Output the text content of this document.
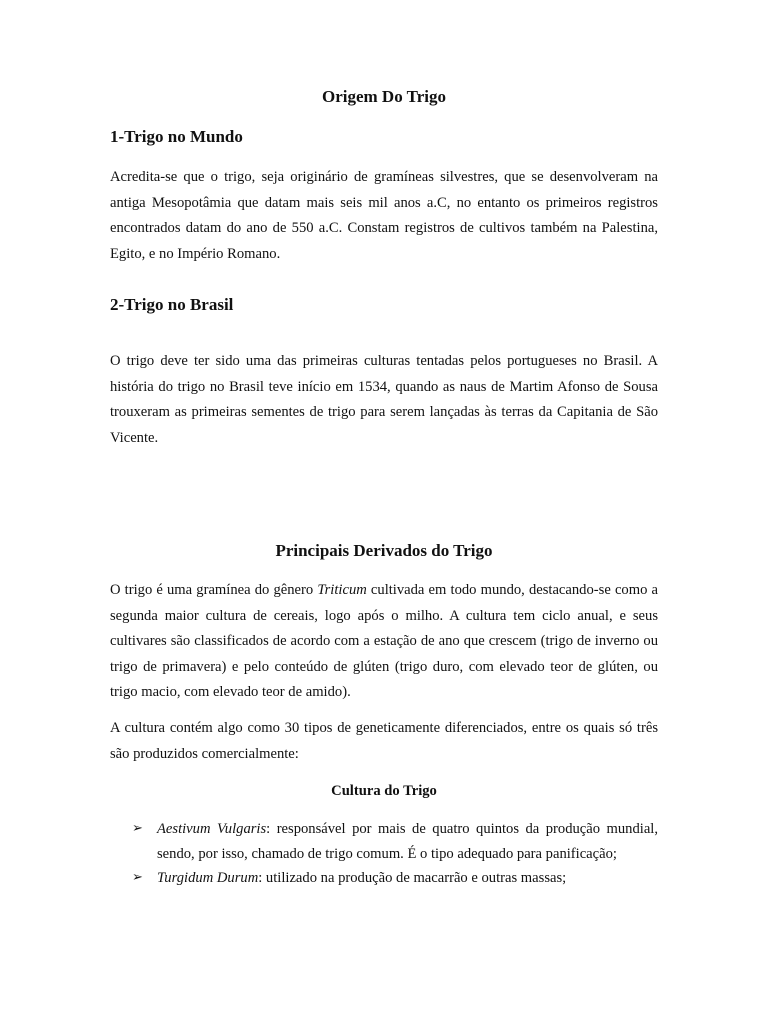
Origem Do Trigo
1-Trigo no Mundo

Acredita-se que o trigo, seja originário de gramíneas silvestres, que se desenvolveram na antiga Mesopotâmia que datam mais seis mil anos a.C, no entanto os primeiros registros encontrados datam do ano de 550 a.C. Constam registros de cultivos também na Palestina, Egito, e no Império Romano.

2-Trigo no Brasil

O trigo deve ter sido uma das primeiras culturas tentadas pelos portugueses no Brasil. A história do trigo no Brasil teve início em 1534, quando as naus de Martim Afonso de Sousa trouxeram as primeiras sementes de trigo para serem lançadas às terras da Capitania de São Vicente.

Principais Derivados do Trigo

O trigo é uma gramínea do gênero Triticum cultivada em todo mundo, destacando-se como a segunda maior cultura de cereais, logo após o milho. A cultura tem ciclo anual, e seus cultivares são classificados de acordo com a estação de ano que crescem (trigo de inverno ou trigo de primavera) e pelo conteúdo de glúten (trigo duro, com elevado teor de glúten, ou trigo macio, com elevado teor de amido).

A cultura contém algo como 30 tipos de geneticamente diferenciados, entre os quais só três são produzidos comercialmente:

Cultura do Trigo
➢ Aestivum Vulgaris: responsável por mais de quatro quintos da produção mundial, sendo, por isso, chamado de trigo comum. É o tipo adequado para panificação;
➢ Turgidum Durum: utilizado na produção de macarrão e outras massas;
